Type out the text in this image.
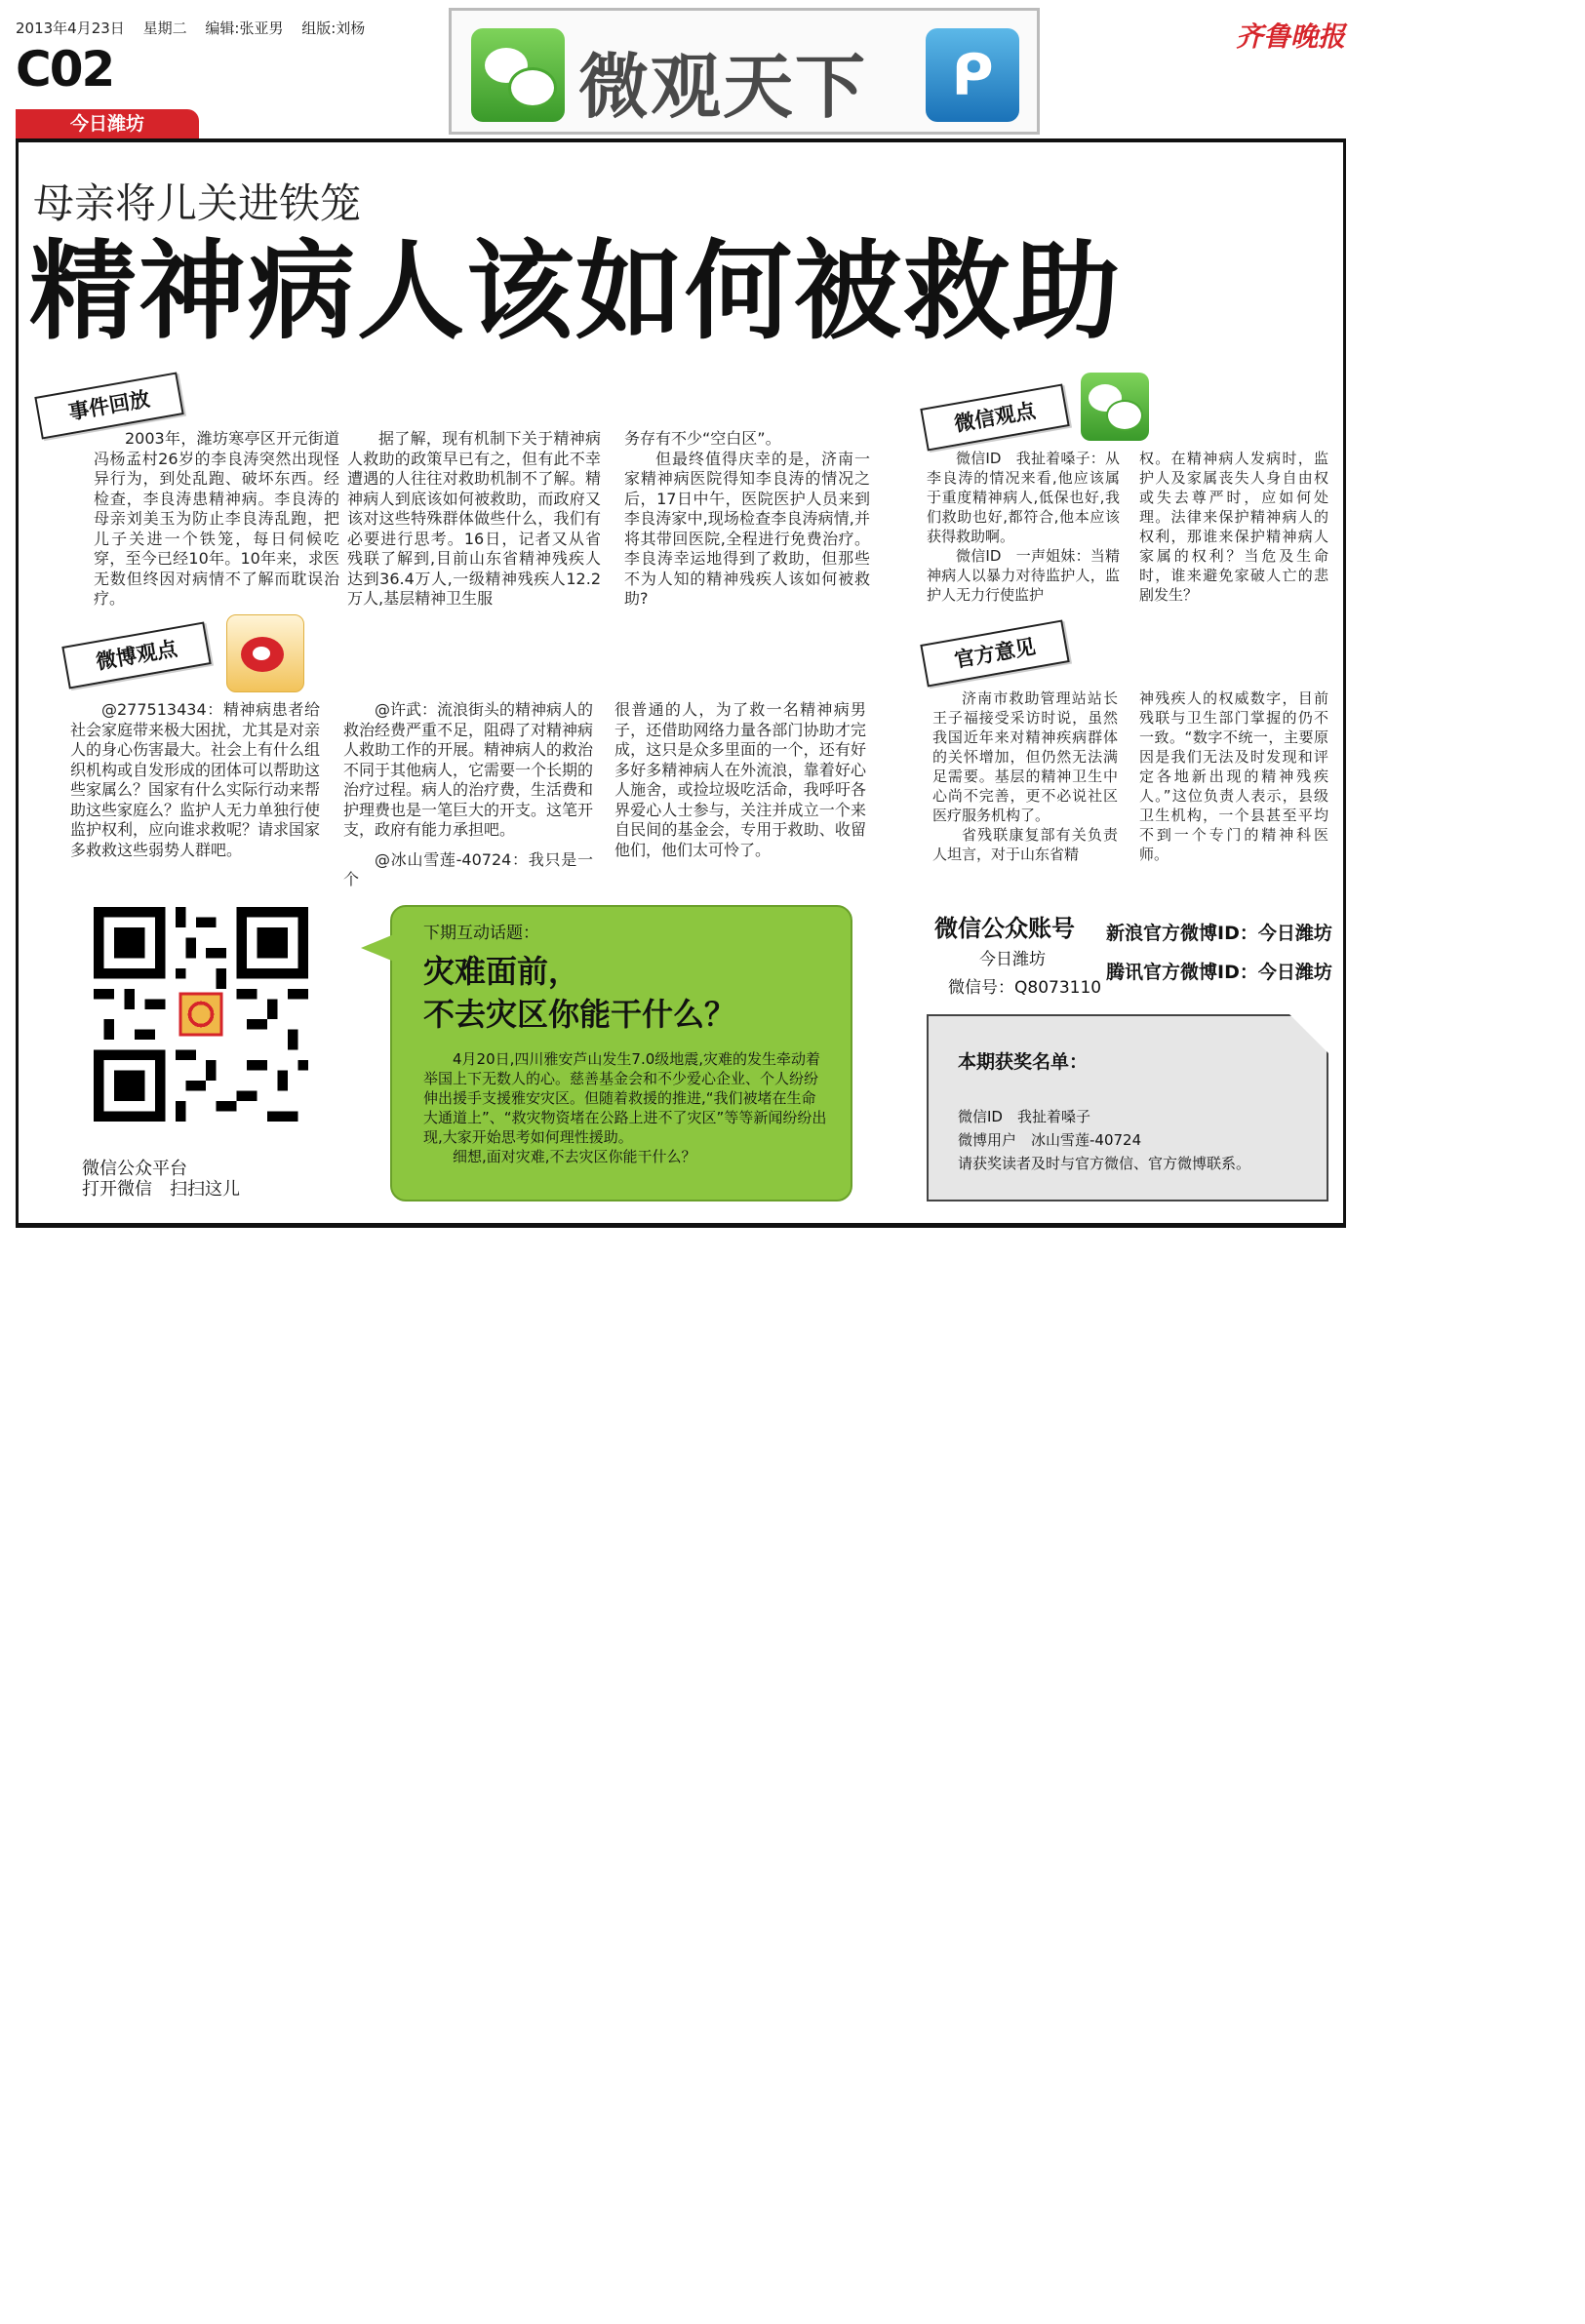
2013年4月23日 星期二 编辑:张亚男 组版:刘杨
C02
今日潍坊	微观天下	ᑭ
齐鲁晚报
母亲将儿关进铁笼
精神病人该如何被救助
事件回放

2003年，潍坊寒亭区开元街道冯杨孟村26岁的李良涛突然出现怪异行为，到处乱跑、破坏东西。经检查，李良涛患精神病。李良涛的母亲刘美玉为防止李良涛乱跑，把儿子关进一个铁笼，每日伺候吃穿，至今已经10年。10年来，求医无数但终因对病情不了解而耽误治疗。

据了解，现有机制下关于精神病人救助的政策早已有之，但有此不幸遭遇的人往往对救助机制不了解。精神病人到底该如何被救助，而政府又该对这些特殊群体做些什么，我们有必要进行思考。16日，记者又从省残联了解到,目前山东省精神残疾人达到36.4万人,一级精神残疾人12.2万人,基层精神卫生服

务存有不少“空白区”。

但最终值得庆幸的是，济南一家精神病医院得知李良涛的情况之后，17日中午，医院医护人员来到李良涛家中,现场检查李良涛病情,并将其带回医院,全程进行免费治疗。李良涛幸运地得到了救助，但那些不为人知的精神残疾人该如何被救助?

微博观点

@2775134​34：精神病患者给社会家庭带来极大困扰，尤其是对亲人的身心伤害最大。社会上有什么组织机构或自发形成的团体可以帮助这些家属么？国家有什么实际行动来帮助这些家庭么？监护人无力单独行使监护权利，应向谁求救呢？请求国家多救救这些弱势人群吧。

@许武：流浪街头的精神病人的救治经费严重不足，阻碍了对精神病人救助工作的开展。精神病人的救治不同于其他病人，它需要一个长期的治疗过程。病人的治疗费，生活费和护理费也是一笔巨大的开支。这笔开支，政府有能力承担吧。

@冰山雪莲-40724：我只是一个

很普通的人，为了救一名精神病男子，还借助网络力量各部门协助才完成，这只是众多里面的一个，还有好多好多精神病人在外流浪，靠着好心人施舍，或捡垃圾吃活命，我呼吁各界爱心人士参与，关注并成立一个来自民间的基金会，专用于救助、收留他们，他们太可怜了。
微信观点

微信ID　我扯着嗓子：从李良涛的情况来看,他应该属于重度精神病人,低保也好,我们救助也好,都符合,他本应该获得救助啊。

微信ID　一声姐妹：当精神病人以暴力对待监护人，监护人无力行使监护

权。在精神病人发病时，监护人及家属丧失人身自由权或失去尊严时，应如何处理。法律来保护精神病人的权利，那谁来保护精神病人家属的权利？当危及生命时，谁来避免家破人亡的悲剧发生？
官方意见

济南市救助管理站站长王子福接受采访时说，虽然我国近年来对精神疾病群体的关怀增加，但仍然无法满足需要。基层的精神卫生中心尚不完善，更不必说社区医疗服务机构了。

省残联康复部有关负责人坦言，对于山东省精

神残疾人的权威数字，目前残联与卫生部门掌握的仍不一致。“数字不统一，主要原因是我们无法及时发现和评定各地新出现的精神残疾人。”这位负责人表示，县级卫生机构，一个县甚至平均不到一个专门的精神科医师。
微信公众平台
打开微信　扫扫这儿
下期互动话题：
灾难面前，
不去灾区你能干什么？

4月20日,四川雅安芦山发生7.0级地震,灾难的发生牵动着举国上下无数人的心。慈善基金会和不少爱心企业、个人纷纷伸出援手支援雅安灾区。但随着救援的推进,“我们被堵在生命大通道上”、“救灾物资堵在公路上进不了灾区”等等新闻纷纷出现,大家开始思考如何理性援助。

细想,面对灾难,不去灾区你能干什么？

微信公众账号
今日潍坊
微信号：Q8073110
新浪官方微博ID：今日潍坊
腾讯官方微博ID：今日潍坊
本期获奖名单：
微信ID　我扯着嗓子
微博用户　冰山雪莲-40724
请获奖读者及时与官方微信、官方微博联系。
